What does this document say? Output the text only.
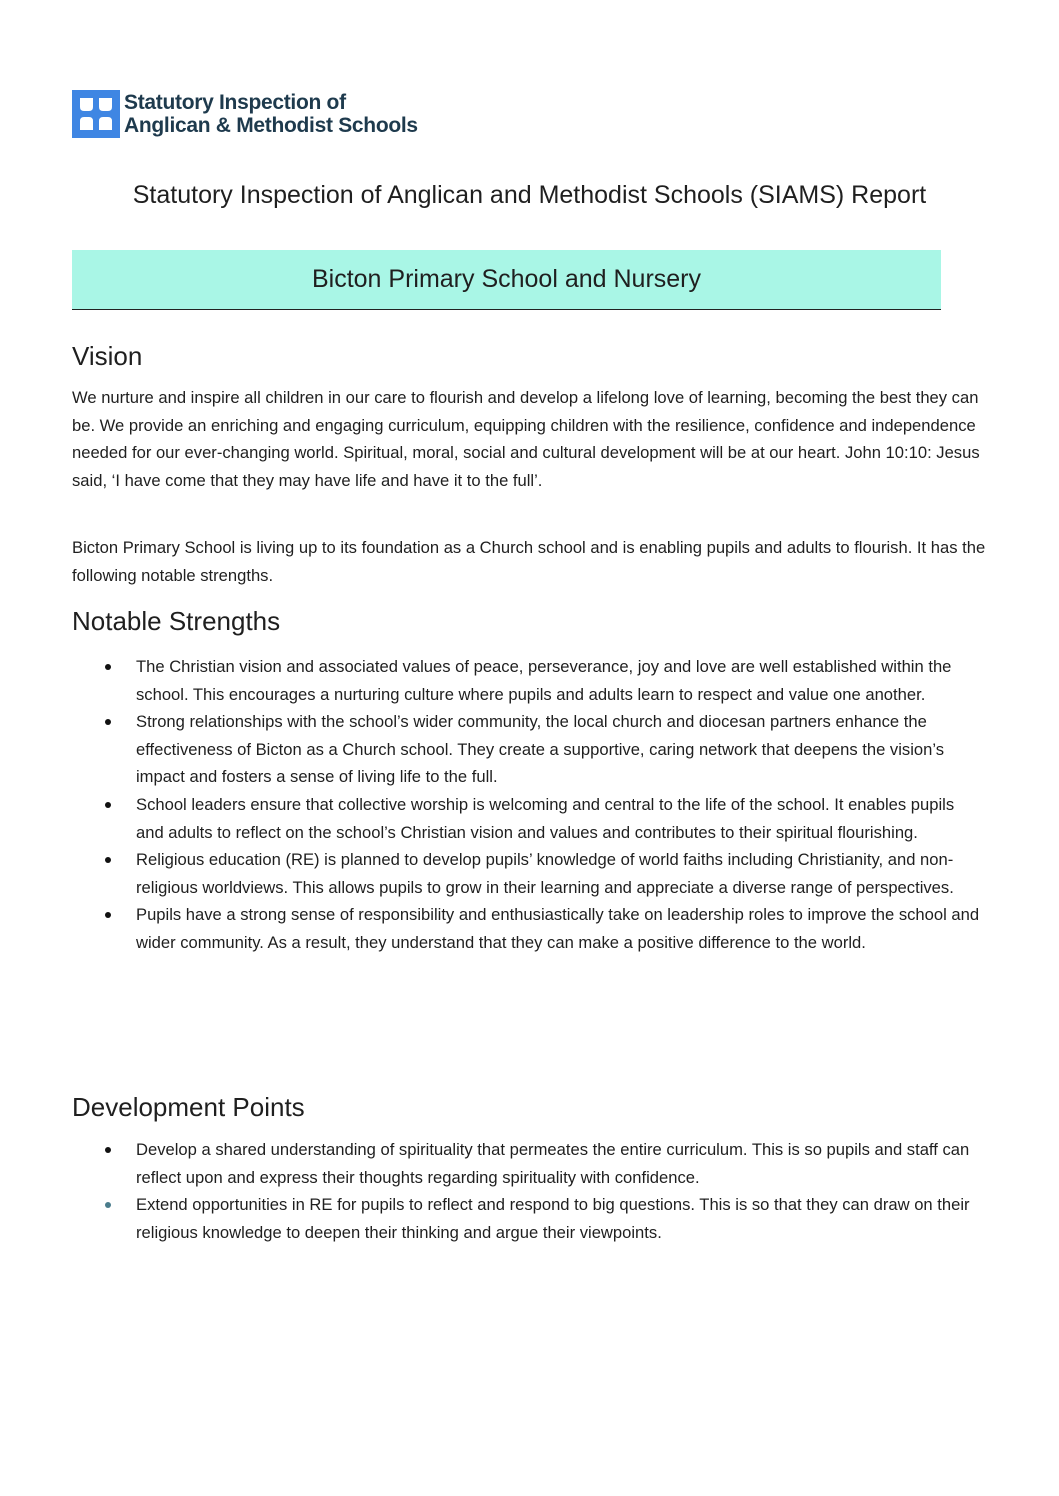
Statutory Inspection of
Anglican & Methodist Schools
Statutory Inspection of Anglican and Methodist Schools (SIAMS) Report
Bicton Primary School and Nursery
Vision

We nurture and inspire all children in our care to flourish and develop a lifelong love of learning, becoming the best they can be. We provide an enriching and engaging curriculum, equipping children with the resilience, confidence and independence needed for our ever-changing world. Spiritual, moral, social and cultural development will be at our heart. John 10:10: Jesus said, ‘I have come that they may have life and have it to the full’.

Bicton Primary School is living up to its foundation as a Church school and is enabling pupils and adults to flourish. It has the following notable strengths.

Notable Strengths
The Christian vision and associated values of peace, perseverance, joy and love are well established within the school. This encourages a nurturing culture where pupils and adults learn to respect and value one another.
Strong relationships with the school’s wider community, the local church and diocesan partners enhance the effectiveness of Bicton as a Church school. They create a supportive, caring network that deepens the vision’s impact and fosters a sense of living life to the full.
School leaders ensure that collective worship is welcoming and central to the life of the school. It enables pupils and adults to reflect on the school’s Christian vision and values and contributes to their spiritual flourishing.
Religious education (RE) is planned to develop pupils’ knowledge of world faiths including Christianity, and non-religious worldviews. This allows pupils to grow in their learning and appreciate a diverse range of perspectives.
Pupils have a strong sense of responsibility and enthusiastically take on leadership roles to improve the school and wider community. As a result, they understand that they can make a positive difference to the world.
Development Points
Develop a shared understanding of spirituality that permeates the entire curriculum. This is so pupils and staff can reflect upon and express their thoughts regarding spirituality with confidence.
Extend opportunities in RE for pupils to reflect and respond to big questions. This is so that they can draw on their religious knowledge to deepen their thinking and argue their viewpoints.
